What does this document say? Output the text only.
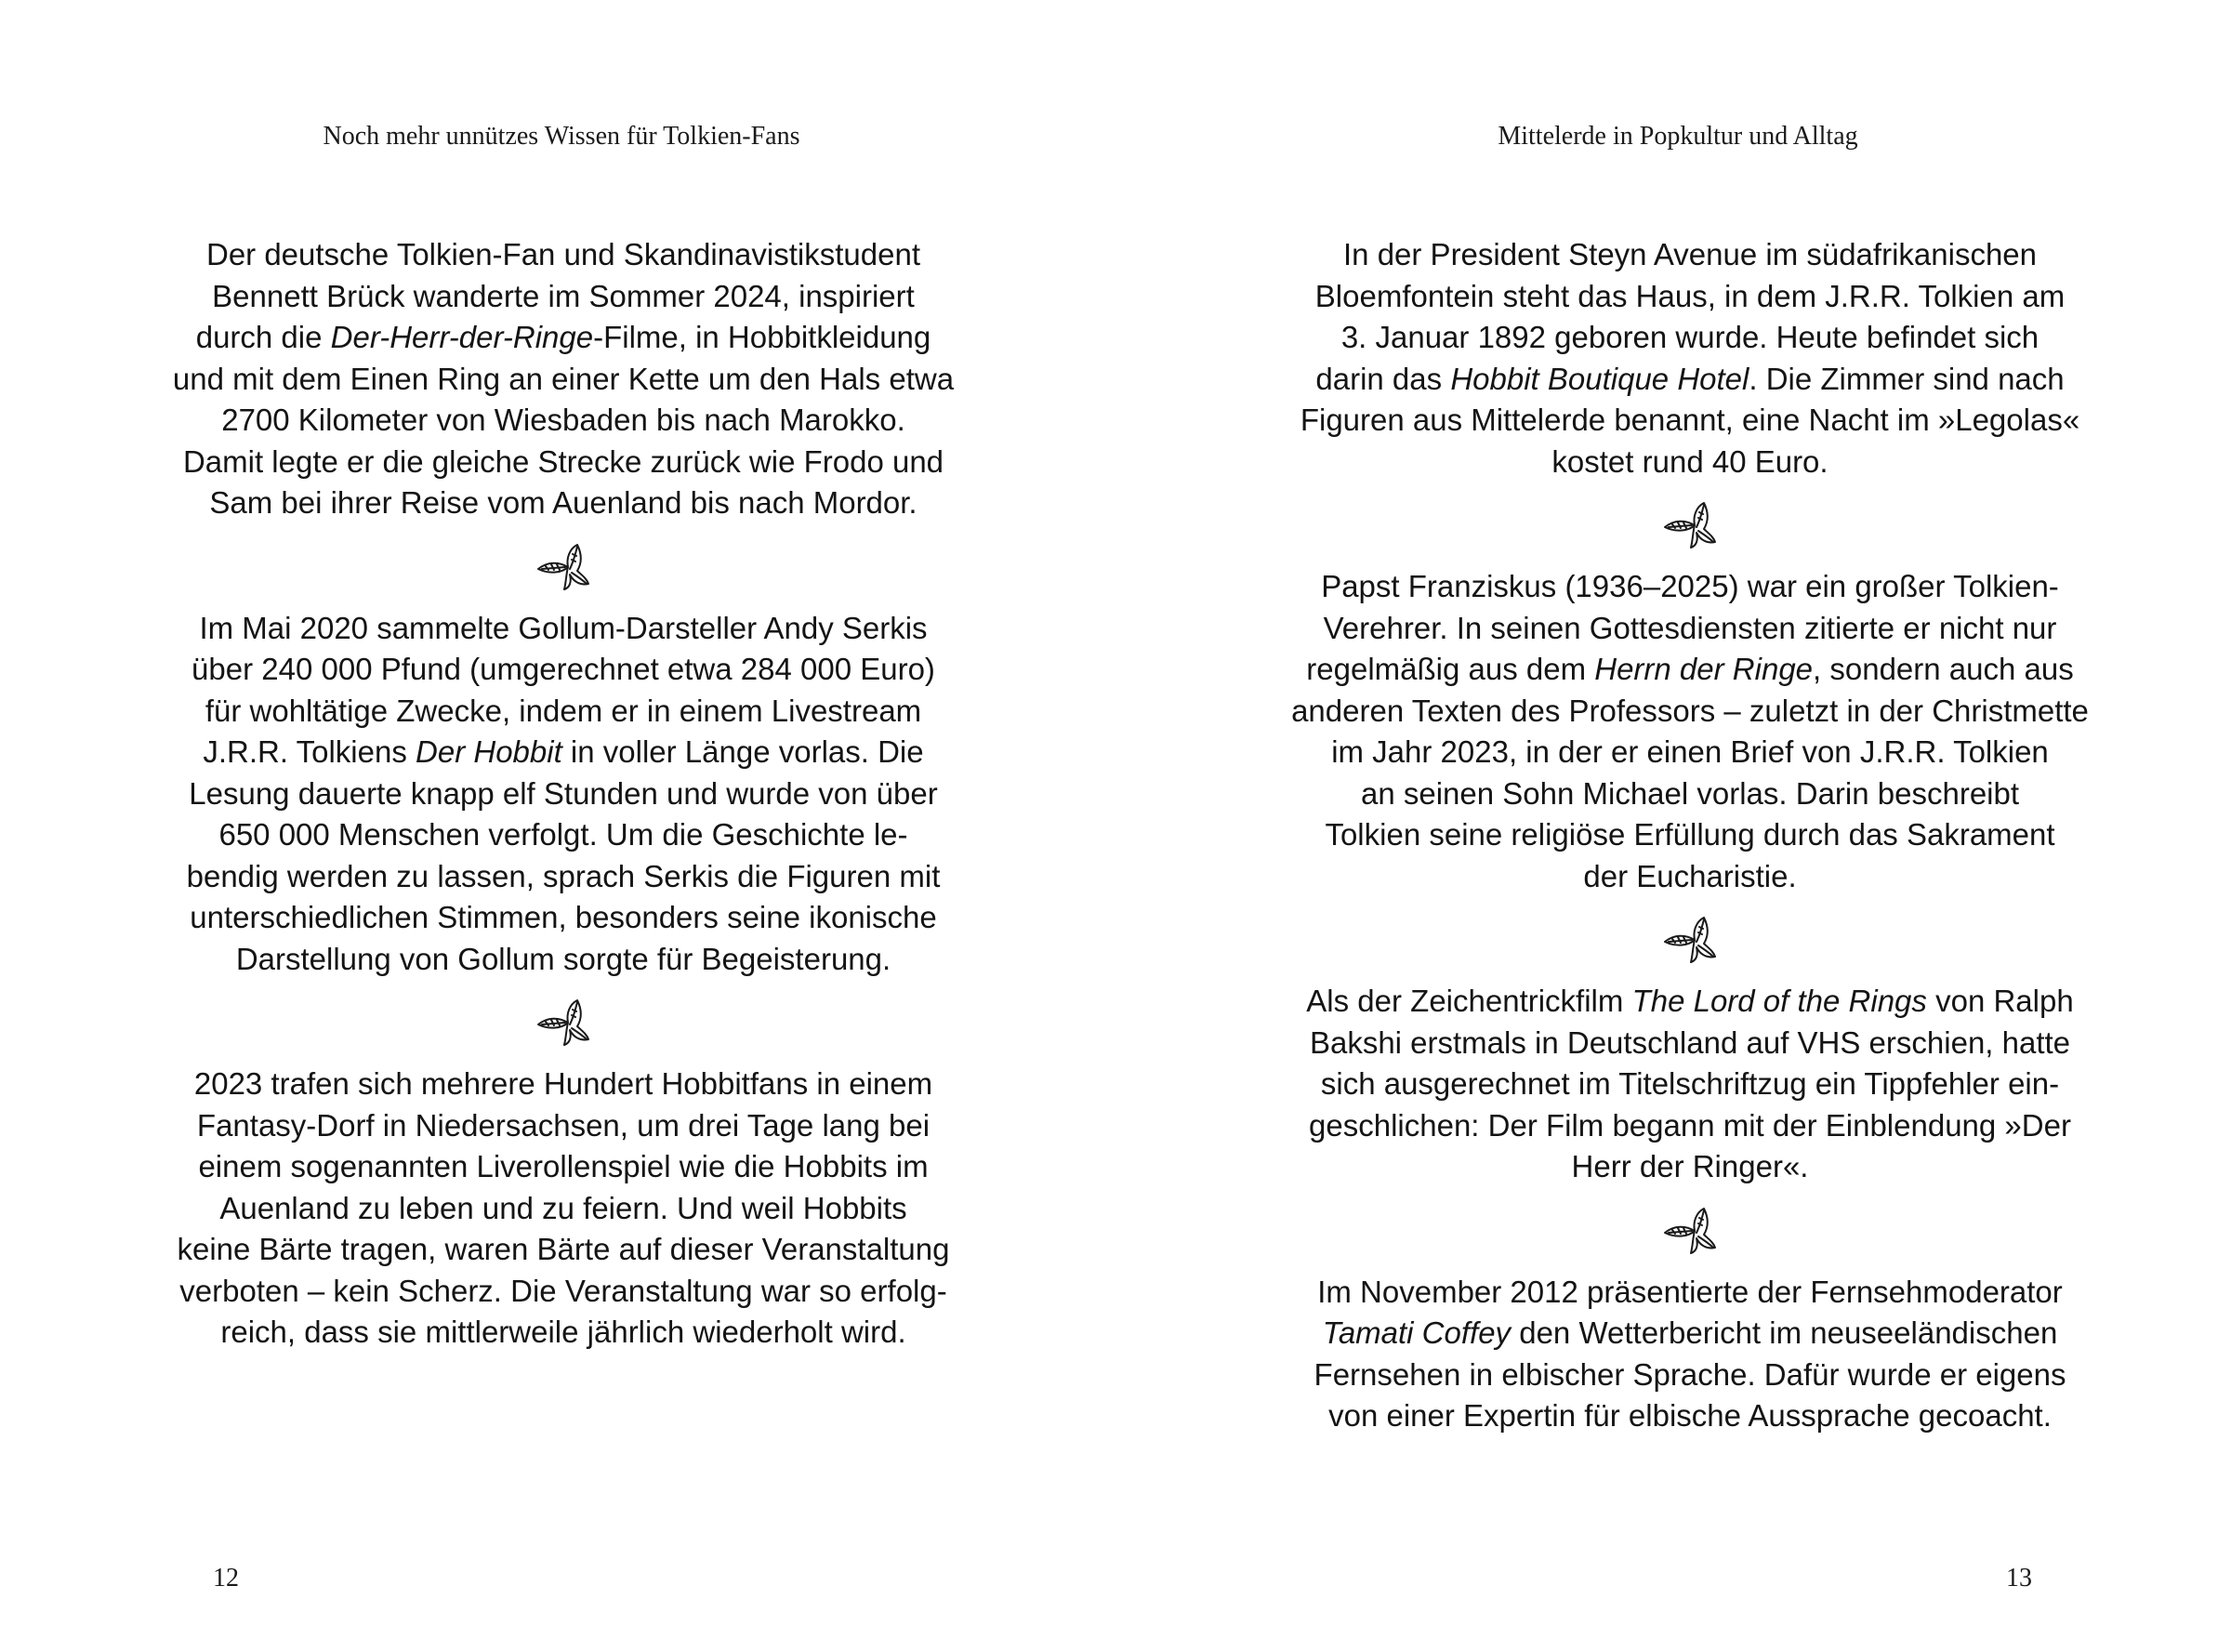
Noch mehr unnützes Wissen für Tolkien-Fans

Der deutsche Tolkien-Fan und Skandinavistikstudent
Bennett Brück wanderte im Sommer 2024, inspiriert
durch die Der-Herr-der-Ringe-Filme, in Hobbitkleidung
und mit dem Einen Ring an einer Kette um den Hals etwa
2700 Kilometer von Wiesbaden bis nach Marokko.
Damit legte er die gleiche Strecke zurück wie Frodo und
Sam bei ihrer Reise vom Auenland bis nach Mordor.

Im Mai 2020 sammelte Gollum-Darsteller Andy Serkis
über 240 000 Pfund (umgerechnet etwa 284 000 Euro)
für wohltätige Zwecke, indem er in einem Livestream
J.R.R. Tolkiens Der Hobbit in voller Länge vorlas. Die
Lesung dauerte knapp elf Stunden und wurde von über
650 000 Menschen verfolgt. Um die Geschichte le-
bendig werden zu lassen, sprach Serkis die Figuren mit
unterschiedlichen Stimmen, besonders seine ikonische
Darstellung von Gollum sorgte für Begeisterung.

2023 trafen sich mehrere Hundert Hobbitfans in einem
Fantasy-Dorf in Niedersachsen, um drei Tage lang bei
einem sogenannten Liverollenspiel wie die Hobbits im
Auenland zu leben und zu feiern. Und weil Hobbits
keine Bärte tragen, waren Bärte auf dieser Veranstaltung
verboten – kein Scherz. Die Veranstaltung war so erfolg-
reich, dass sie mittlerweile jährlich wiederholt wird.

12
Mittelerde in Popkultur und Alltag

In der President Steyn Avenue im südafrikanischen
Bloemfontein steht das Haus, in dem J.R.R. Tolkien am
3. Januar 1892 geboren wurde. Heute befindet sich
darin das Hobbit Boutique Hotel. Die Zimmer sind nach
Figuren aus Mittelerde benannt, eine Nacht im »Legolas«
kostet rund 40 Euro.

Papst Franziskus (1936–2025) war ein großer Tolkien-
Verehrer. In seinen Gottesdiensten zitierte er nicht nur
regelmäßig aus dem Herrn der Ringe, sondern auch aus
anderen Texten des Professors – zuletzt in der Christmette
im Jahr 2023, in der er einen Brief von J.R.R. Tolkien
an seinen Sohn Michael vorlas. Darin beschreibt
Tolkien seine religiöse Erfüllung durch das Sakrament
der Eucharistie.

Als der Zeichentrickfilm The Lord of the Rings von Ralph
Bakshi erstmals in Deutschland auf VHS erschien, hatte
sich ausgerechnet im Titelschriftzug ein Tippfehler ein-
geschlichen: Der Film begann mit der Einblendung »Der
Herr der Ringer«.

Im November 2012 präsentierte der Fernsehmoderator
Tamati Coffey den Wetterbericht im neuseeländischen
Fernsehen in elbischer Sprache. Dafür wurde er eigens
von einer Expertin für elbische Aussprache gecoacht.

13
